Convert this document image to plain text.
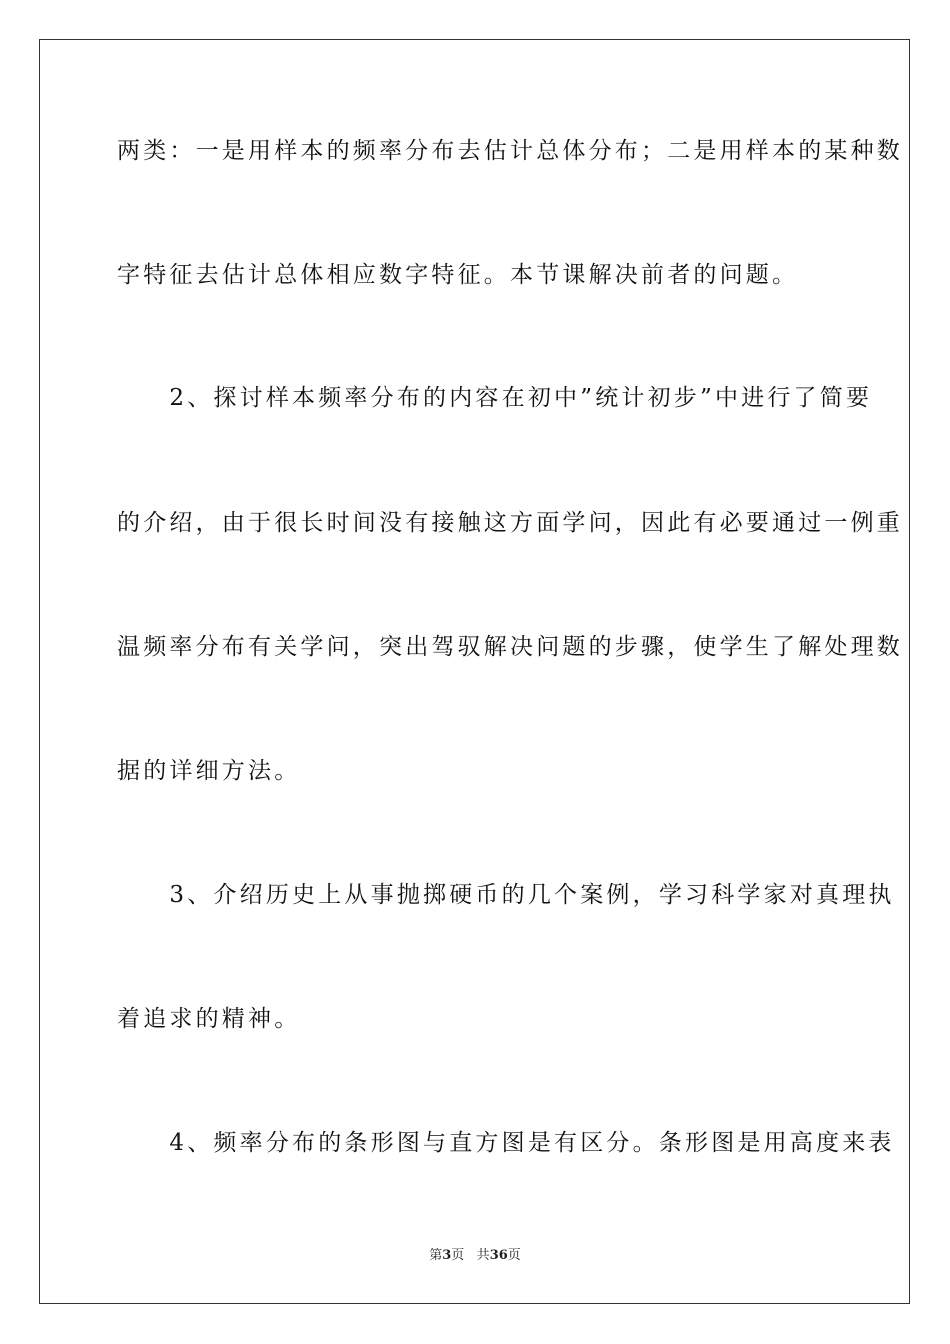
两类：一是用样本的频率分布去估计总体分布；二是用样本的某种数
字特征去估计总体相应数字特征。本节课解决前者的问题。
　　2、探讨样本频率分布的内容在初中”统计初步”中进行了简要
的介绍，由于很长时间没有接触这方面学问，因此有必要通过一例重
温频率分布有关学问，突出驾驭解决问题的步骤，使学生了解处理数
据的详细方法。
　　3、介绍历史上从事抛掷硬币的几个案例，学习科学家对真理执
着追求的精神。
　　4、频率分布的条形图与直方图是有区分。条形图是用高度来表
第3页 共36页
